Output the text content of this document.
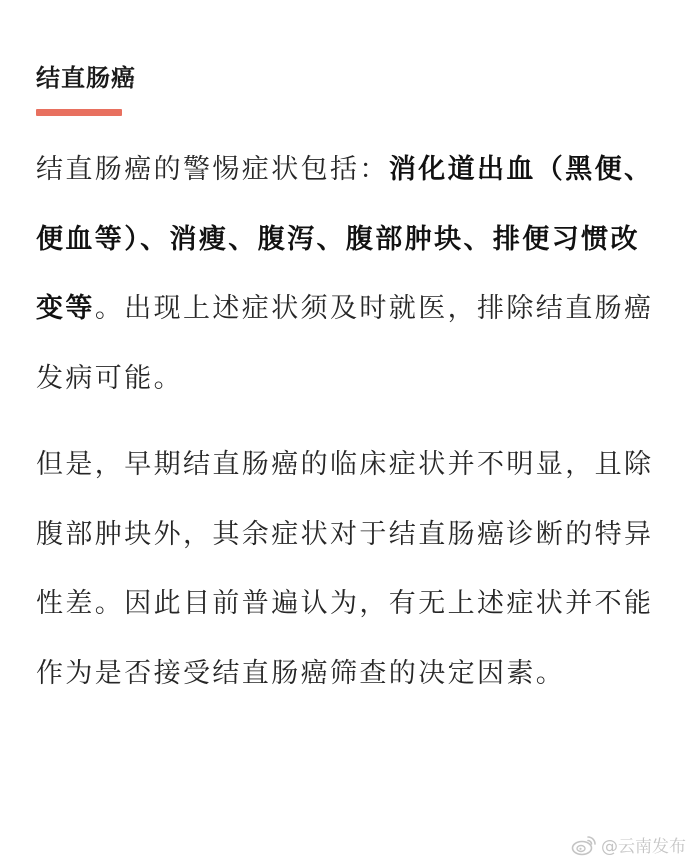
结直肠癌

结直肠癌的警惕症状包括：消化道出血（黑便、便血等）、消瘦、腹泻、腹部肿块、排便习惯改变等。出现上述症状须及时就医，排除结直肠癌发病可能。

但是，早期结直肠癌的临床症状并不明显，且除腹部肿块外，其余症状对于结直肠癌诊断的特异性差。因此目前普遍认为，有无上述症状并不能作为是否接受结直肠癌筛查的决定因素。

@云南发布
